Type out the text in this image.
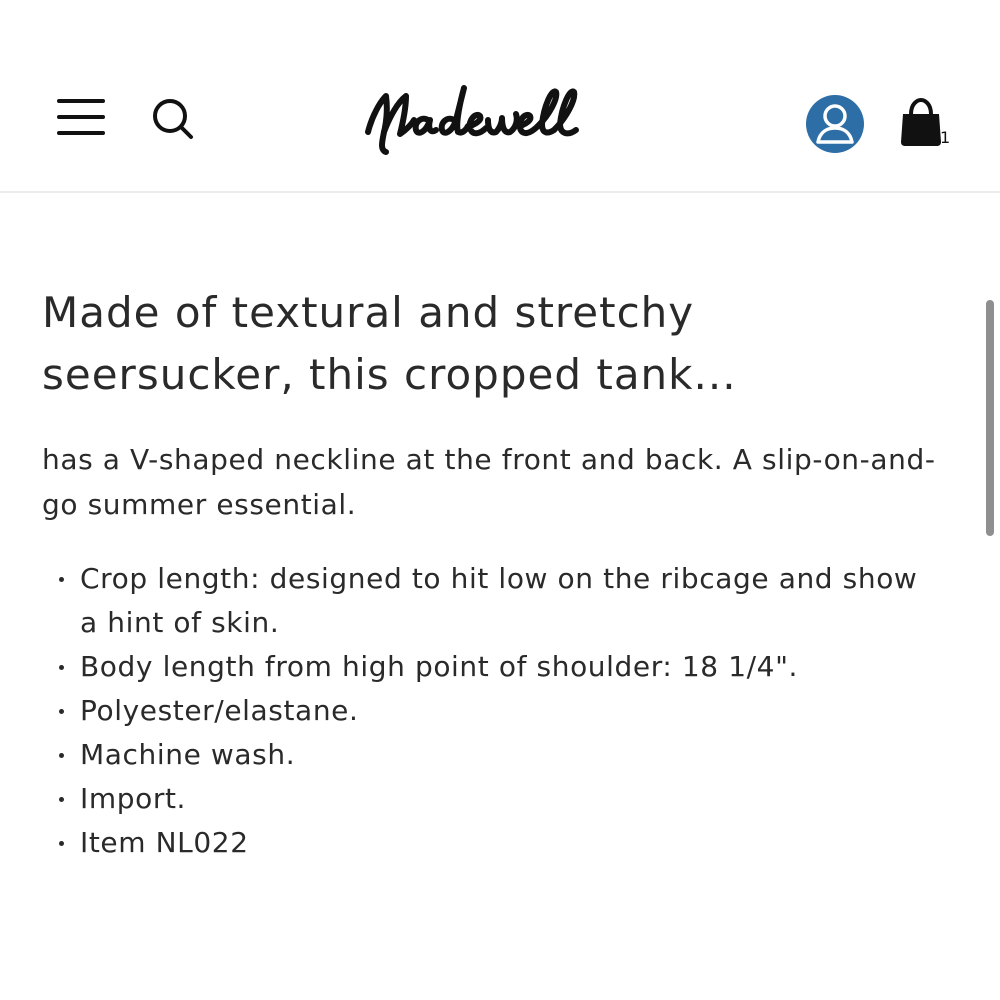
1
Made of textural and stretchy seersucker, this cropped tank...

has a V-shaped neckline at the front and back. A slip-on-and-go summer essential.

Crop length: designed to hit low on the ribcage and show a hint of skin.
Body length from high point of shoulder: 18 1/4".
Polyester/elastane.
Machine wash.
Import.
Item NL022
